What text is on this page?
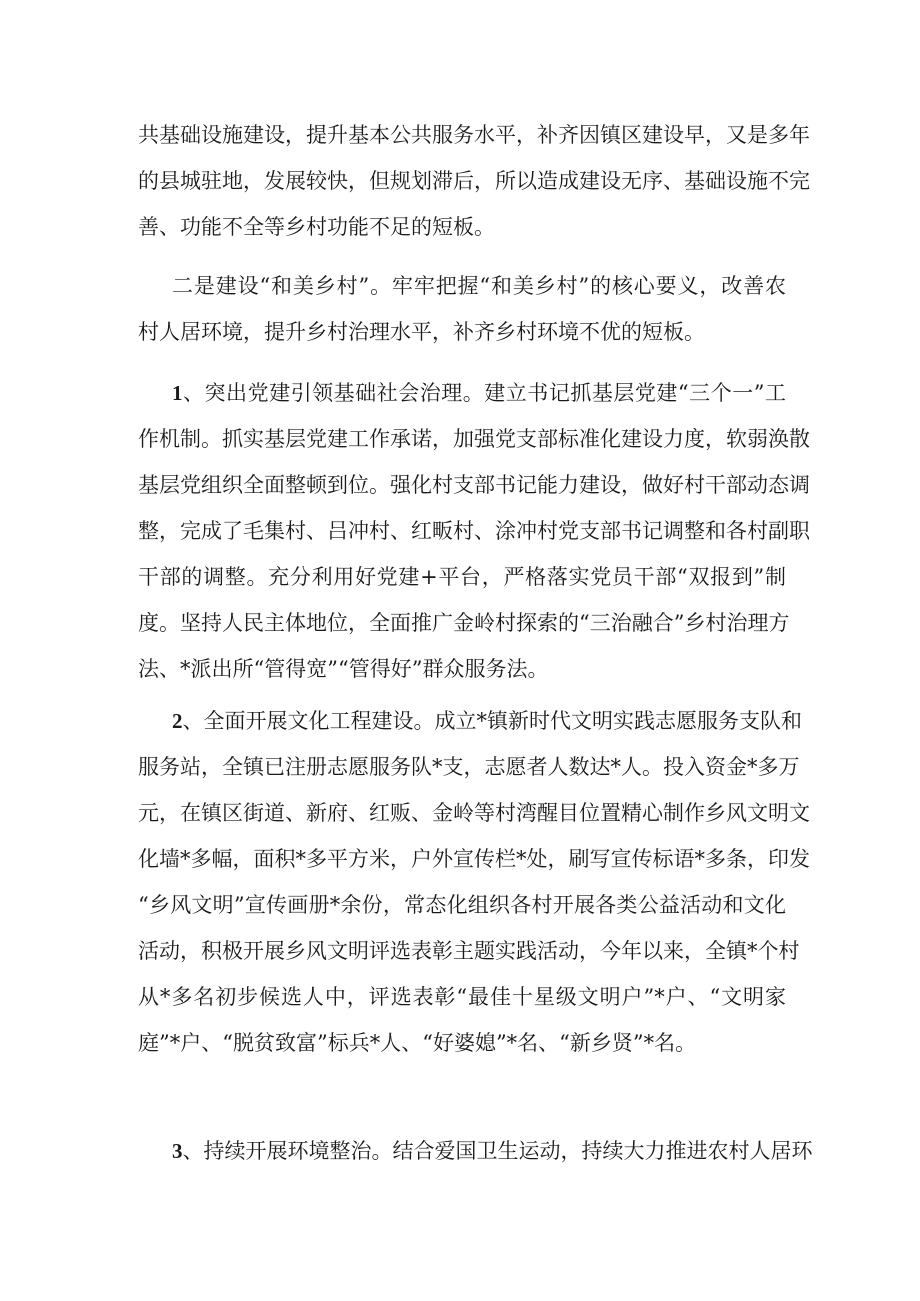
共基础设施建设，提升基本公共服务水平，补齐因镇区建设早，又是多年
的县城驻地，发展较快，但规划滞后，所以造成建设无序、基础设施不完
善、功能不全等乡村功能不足的短板。
二是建设“和美乡村”。牢牢把握“和美乡村”的核心要义，改善农
村人居环境，提升乡村治理水平，补齐乡村环境不优的短板。
1、突出党建引领基础社会治理。建立书记抓基层党建“三个一”工
作机制。抓实基层党建工作承诺，加强党支部标准化建设力度，软弱涣散
基层党组织全面整顿到位。强化村支部书记能力建设，做好村干部动态调
整，完成了毛集村、吕冲村、红畈村、涂冲村党支部书记调整和各村副职
干部的调整。充分利用好党建+平台，严格落实党员干部“双报到”制
度。坚持人民主体地位，全面推广金岭村探索的“三治融合”乡村治理方
法、*派出所“管得宽”“管得好”群众服务法。
2、全面开展文化工程建设。成立*镇新时代文明实践志愿服务支队和
服务站，全镇已注册志愿服务队*支，志愿者人数达*人。投入资金*多万
元，在镇区街道、新府、红贩、金岭等村湾醒目位置精心制作乡风文明文
化墙*多幅，面积*多平方米，户外宣传栏*处，刷写宣传标语*多条，印发
“乡风文明”宣传画册*余份，常态化组织各村开展各类公益活动和文化
活动，积极开展乡风文明评选表彰主题实践活动，今年以来，全镇*个村
从*多名初步候选人中，评选表彰“最佳十星级文明户”*户、“文明家
庭”*户、“脱贫致富”标兵*人、“好婆媳”*名、“新乡贤”*名。
3、持续开展环境整治。结合爱国卫生运动，持续大力推进农村人居环
